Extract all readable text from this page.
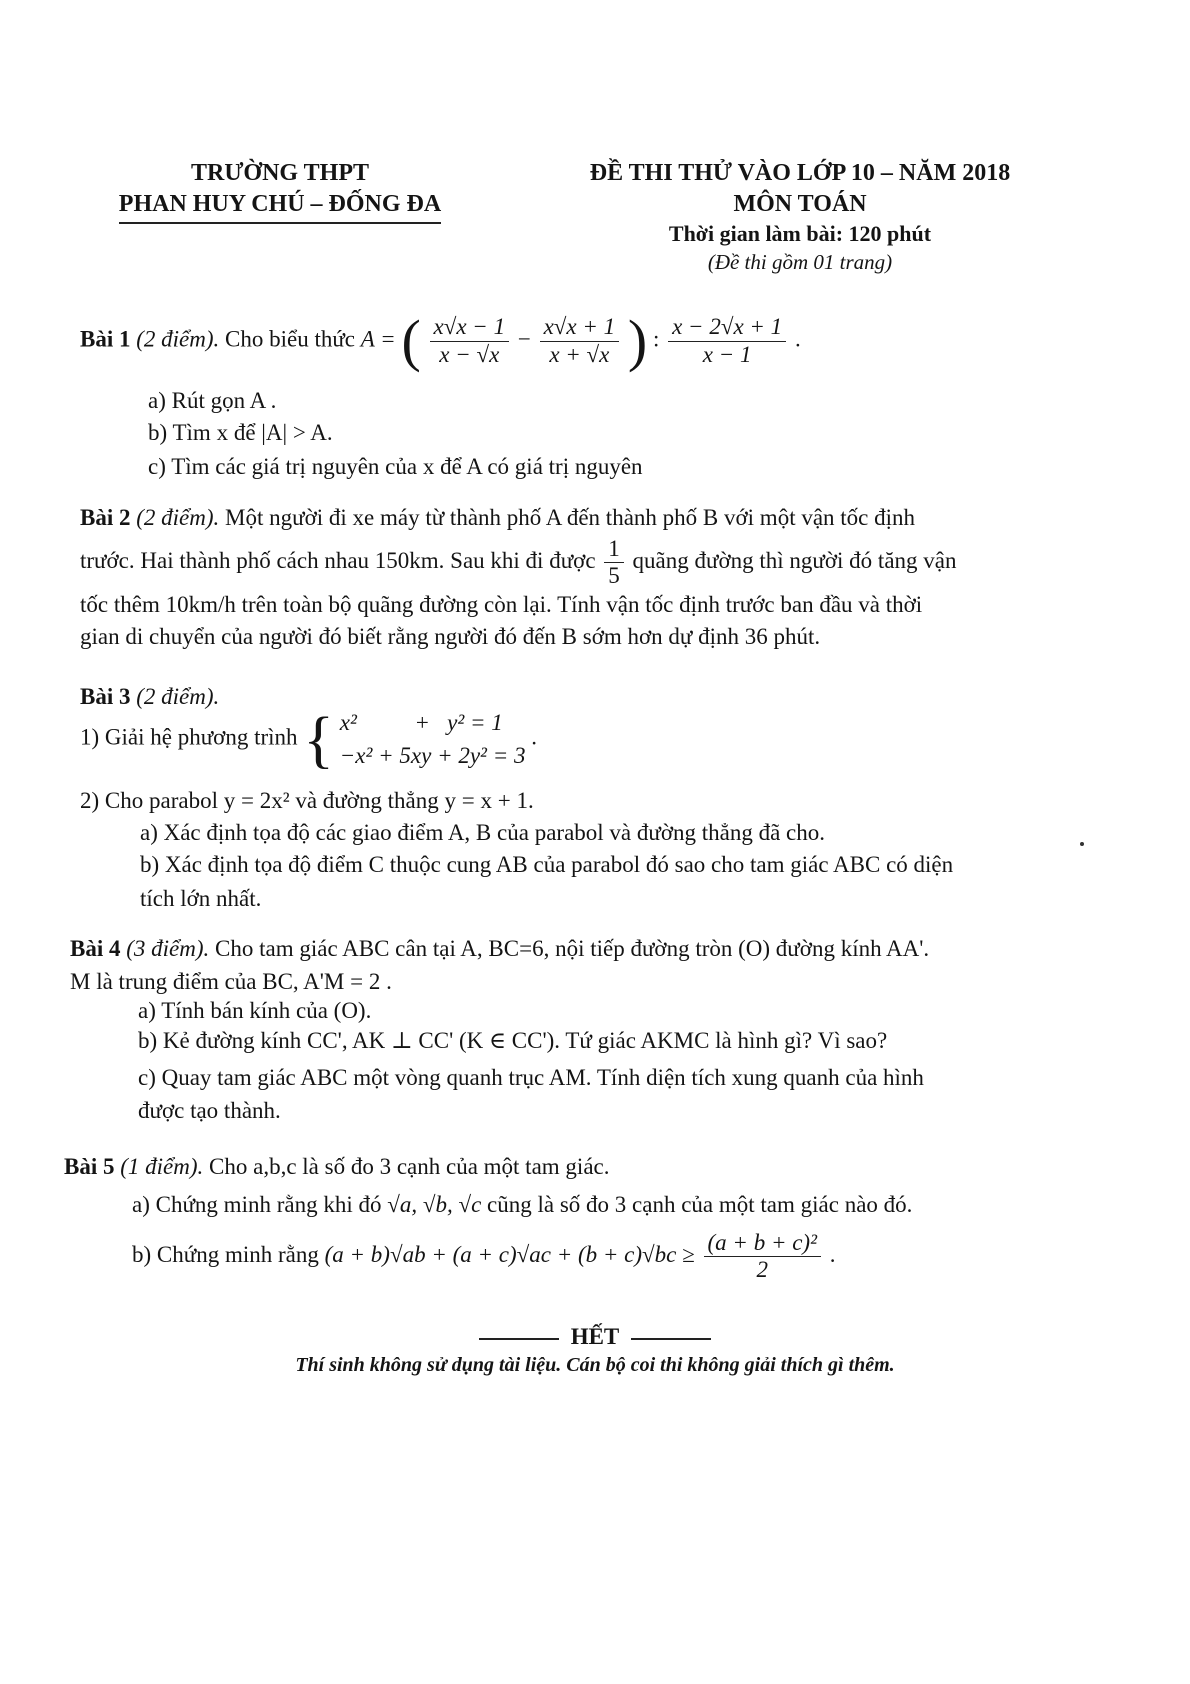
TRƯỜNG THPT
PHAN HUY CHÚ – ĐỐNG ĐA
ĐỀ THI THỬ VÀO LỚP 10 – NĂM 2018
MÔN TOÁN
Thời gian làm bài: 120 phút
(Đề thi gồm 01 trang)
Bài 1 (2 điểm). Cho biểu thức A = ( $\frac{x√x - 1}{x - √x} - \frac{x√x + 1}{x + √x}$ ) : $\frac{x - 2√x + 1}{x - 1}$ .
a) Rút gọn A .
b) Tìm x để |A| > A.
c) Tìm các giá trị nguyên của x để A có giá trị nguyên
Bài 2 (2 điểm). Một người đi xe máy từ thành phố A đến thành phố B với một vận tốc định
trước. Hai thành phố cách nhau 150km. Sau khi đi được $\frac{1}{5}$ quãng đường thì người đó tăng vận
tốc thêm 10km/h trên toàn bộ quãng đường còn lại. Tính vận tốc định trước ban đầu và thời
gian di chuyển của người đó biết rằng người đó đến B sớm hơn dự định 36 phút.
Bài 3 (2 điểm).
1) Giải hệ phương trình { x²          +   y² = 1
−x² + 5xy + 2y² = 3
.
2) Cho parabol y = 2x² và đường thẳng y = x + 1.
a) Xác định tọa độ các giao điểm A, B của parabol và đường thẳng đã cho.
b) Xác định tọa độ điểm C thuộc cung AB của parabol đó sao cho tam giác ABC có diện
tích lớn nhất.
Bài 4 (3 điểm). Cho tam giác ABC cân tại A, BC=6, nội tiếp đường tròn (O) đường kính AA'.
M là trung điểm của BC, A'M = 2 .
a) Tính bán kính của (O).
b) Kẻ đường kính CC', AK ⊥ CC' (K ∈ CC'). Tứ giác AKMC là hình gì? Vì sao?
c) Quay tam giác ABC một vòng quanh trục AM. Tính diện tích xung quanh của hình
được tạo thành.
Bài 5 (1 điểm). Cho a,b,c là số đo 3 cạnh của một tam giác.
a) Chứng minh rằng khi đó √a, √b, √c cũng là số đo 3 cạnh của một tam giác nào đó.
b) Chứng minh rằng $(a + b)√ab + (a + c)√ac + (b + c)√bc \ge \frac{\text{(a + b + c)²}}{2}$ .
HẾT
Thí sinh không sử dụng tài liệu. Cán bộ coi thi không giải thích gì thêm.
